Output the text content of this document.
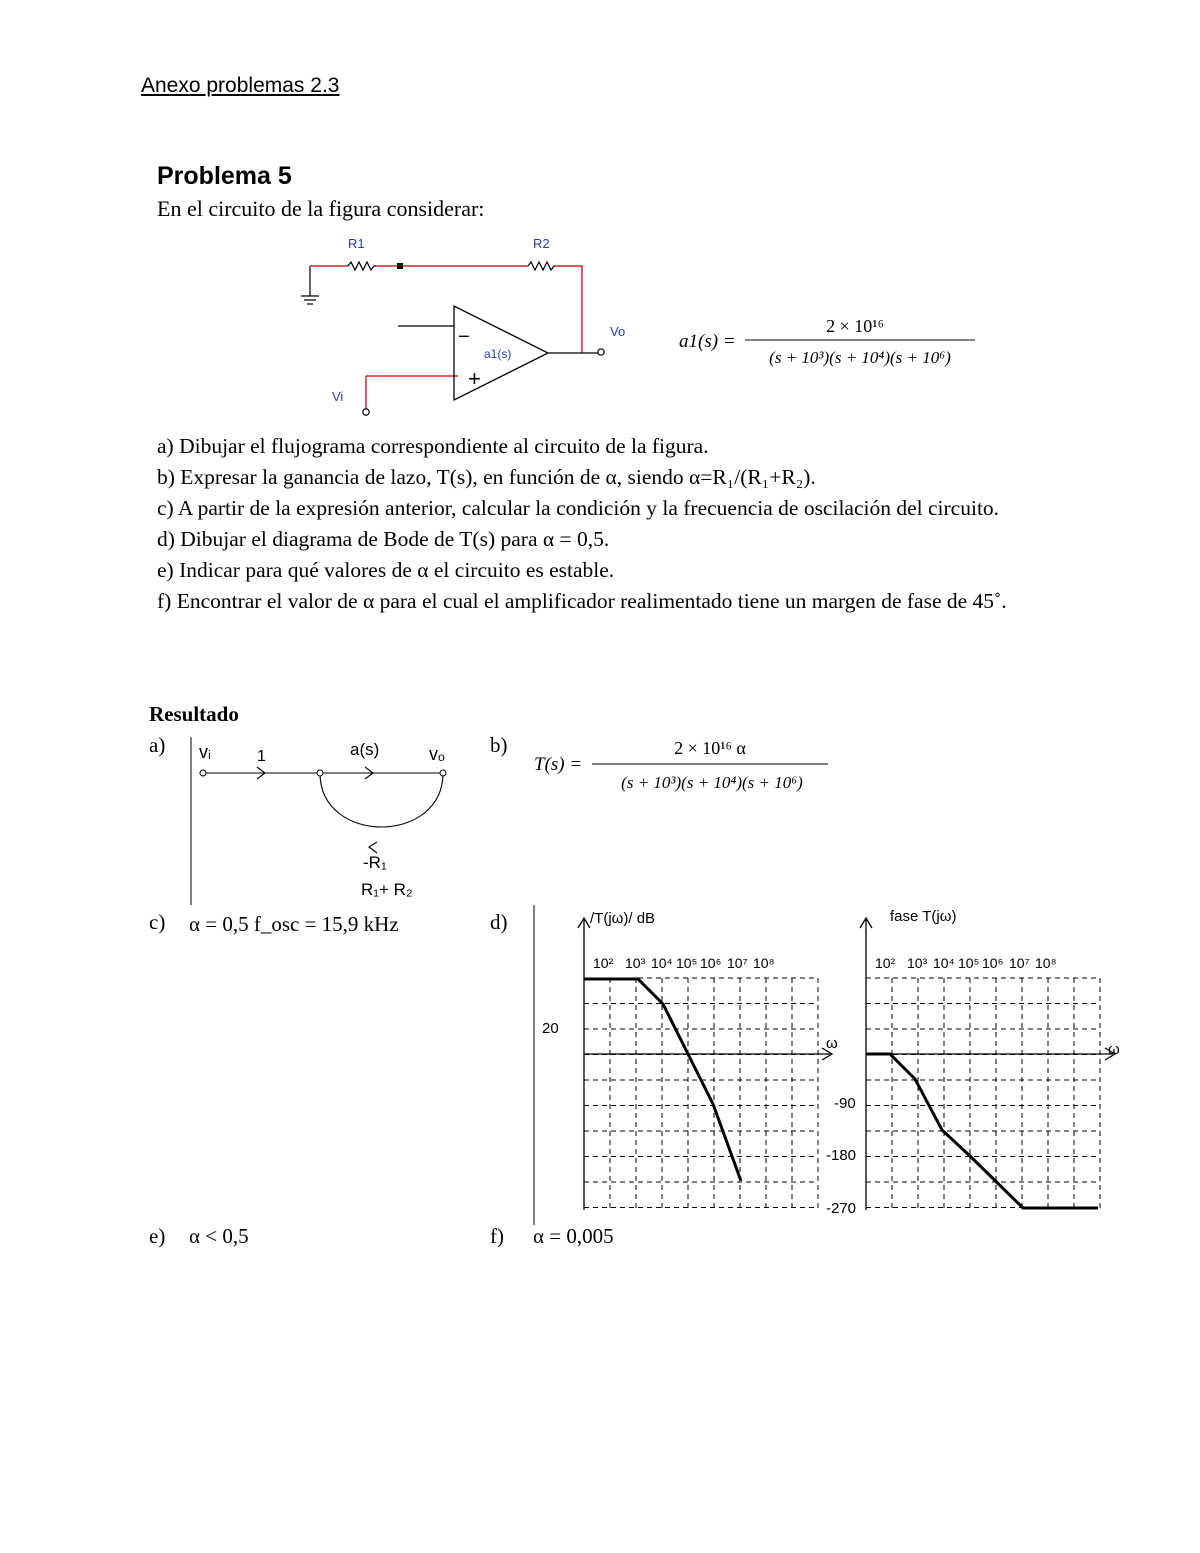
Anexo problemas 2.3
Problema 5
En el circuito de la figura considerar:
R1	R2
Vo
Vi
a1(s)
−
+
a1(s) =
2 × 10¹⁶
(s + 10³)(s + 10⁴)(s + 10⁶)
a) Dibujar el flujograma correspondiente al circuito de la figura.
b) Expresar la ganancia de lazo, T(s), en función de α, siendo α=R₁/(R₁+R₂).
c) A partir de la expresión anterior, calcular la condición y la frecuencia de oscilación del circuito.
d) Dibujar el diagrama de Bode de T(s) para α = 0,5.
e) Indicar para qué valores de α el circuito es estable.
f) Encontrar el valor de α para el cual el amplificador realimentado tiene un margen de fase de 45˚.
Resultado
a)	b)
vᵢ	1	a(s)	vₒ
-R₁
R₁+ R₂
T(s) =
2 × 10¹⁶ α
(s + 10³)(s + 10⁴)(s + 10⁶)
c) α = 0,5 f_osc = 15,9 kHz	d)	/T(jω)/ dB
20
ω
10² 10³ 10⁴ 10⁵ 10⁶ 10⁷ 10⁸
fase T(jω)
-90
-180
-270
ω
10² 10³ 10⁴ 10⁵ 10⁶ 10⁷ 10⁸
e) α < 0,5	f) α = 0,005
